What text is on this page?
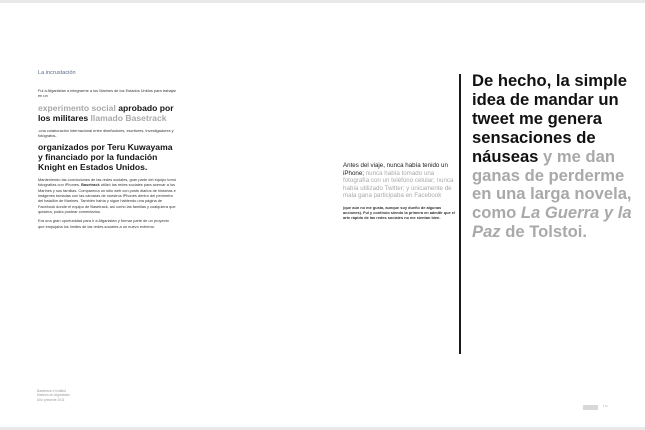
La incrustación

Fui a Afganistán a integrarme a los Marines de los Estados Unidos para trabajar en un

experimento social aprobado por los militares llamado Basetrack

-una colaboración internacional entre diseñadores, escritores, investigadores y fotógrafos-

organizados por Teru Kuwayama y financiado por la fundación Knight en Estados Unidos.

Manteniendo las convicciones de las redes sociales, gran parte del equipo tomó fotografías con iPhones. Basetrack utilizó las redes sociales para acercar a los Marines y sus familias. Comparecía un sitio web con posts diarios de historias e imágenes tomadas con las cámaras de nuestros iPhones dentro del perímetro del batallón de Marines. También había y sigue habiendo una página de Facebook donde el equipo de Basetrack, así como las familias y cualquiera que quisiera, podía postear comentarios.

Era una gran oportunidad para ir a Afganistán y formar parte de un proyecto que empujaba los límites de las redes sociales a un nuevo extremo.

Antes del viaje, nunca había tenido un iPhone; nunca había tomado una fotografía con un teléfono celular; nunca había utilizado Twitter; y únicamente de mala gana participaba en Facebook

(que aún no me gusta, aunque soy dueño de algunas acciones). Fui y continúo siendo la primera en admitir que el arte rápido de las redes sociales no me sientan bien.

De hecho, la simple idea de mandar un tweet me genera sensaciones de náuseas y me dan ganas de perderme en una larga novela, como La Guerra y la Paz de Tolstoi.

Basetrack e Instittuf
Marines en Afganistán
Año presente 2011
▪ ▪▪
